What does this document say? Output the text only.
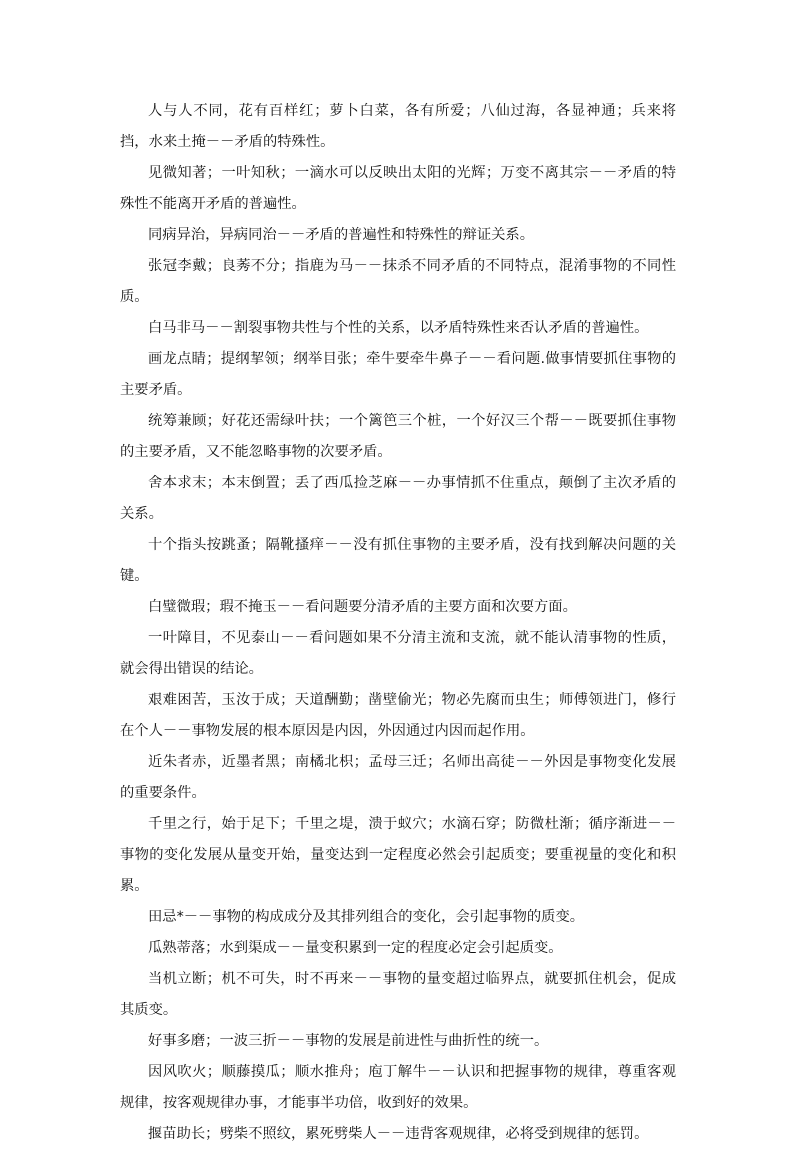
人与人不同，花有百样红；萝卜白菜，各有所爱；八仙过海，各显神通；兵来将挡，水来土掩－－矛盾的特殊性。

见微知著；一叶知秋；一滴水可以反映出太阳的光辉；万变不离其宗－－矛盾的特殊性不能离开矛盾的普遍性。

同病异治，异病同治－－矛盾的普遍性和特殊性的辩证关系。

张冠李戴；良莠不分；指鹿为马－－抹杀不同矛盾的不同特点，混淆事物的不同性质。

白马非马－－割裂事物共性与个性的关系，以矛盾特殊性来否认矛盾的普遍性。

画龙点睛；提纲挈领；纲举目张；牵牛要牵牛鼻子－－看问题.做事情要抓住事物的主要矛盾。

统筹兼顾；好花还需绿叶扶；一个篱笆三个桩，一个好汉三个帮－－既要抓住事物的主要矛盾，又不能忽略事物的次要矛盾。

舍本求末；本末倒置；丢了西瓜捡芝麻－－办事情抓不住重点，颠倒了主次矛盾的关系。

十个指头按跳蚤；隔靴搔痒－－没有抓住事物的主要矛盾，没有找到解决问题的关键。

白璧微瑕；瑕不掩玉－－看问题要分清矛盾的主要方面和次要方面。

一叶障目，不见泰山－－看问题如果不分清主流和支流，就不能认清事物的性质，就会得出错误的结论。

艰难困苦，玉汝于成；天道酬勤；凿壁偷光；物必先腐而虫生；师傅领进门，修行在个人－－事物发展的根本原因是内因，外因通过内因而起作用。

近朱者赤，近墨者黑；南橘北枳；孟母三迁；名师出高徒－－外因是事物变化发展的重要条件。

千里之行，始于足下；千里之堤，溃于蚁穴；水滴石穿；防微杜渐；循序渐进－－事物的变化发展从量变开始，量变达到一定程度必然会引起质变；要重视量的变化和积累。

田忌*－－事物的构成成分及其排列组合的变化，会引起事物的质变。

瓜熟蒂落；水到渠成－－量变积累到一定的程度必定会引起质变。

当机立断；机不可失，时不再来－－事物的量变超过临界点，就要抓住机会，促成其质变。

好事多磨；一波三折－－事物的发展是前进性与曲折性的统一。

因风吹火；顺藤摸瓜；顺水推舟；庖丁解牛－－认识和把握事物的规律，尊重客观规律，按客观规律办事，才能事半功倍，收到好的效果。

揠苗助长；劈柴不照纹，累死劈柴人－－违背客观规律，必将受到规律的惩罚。
